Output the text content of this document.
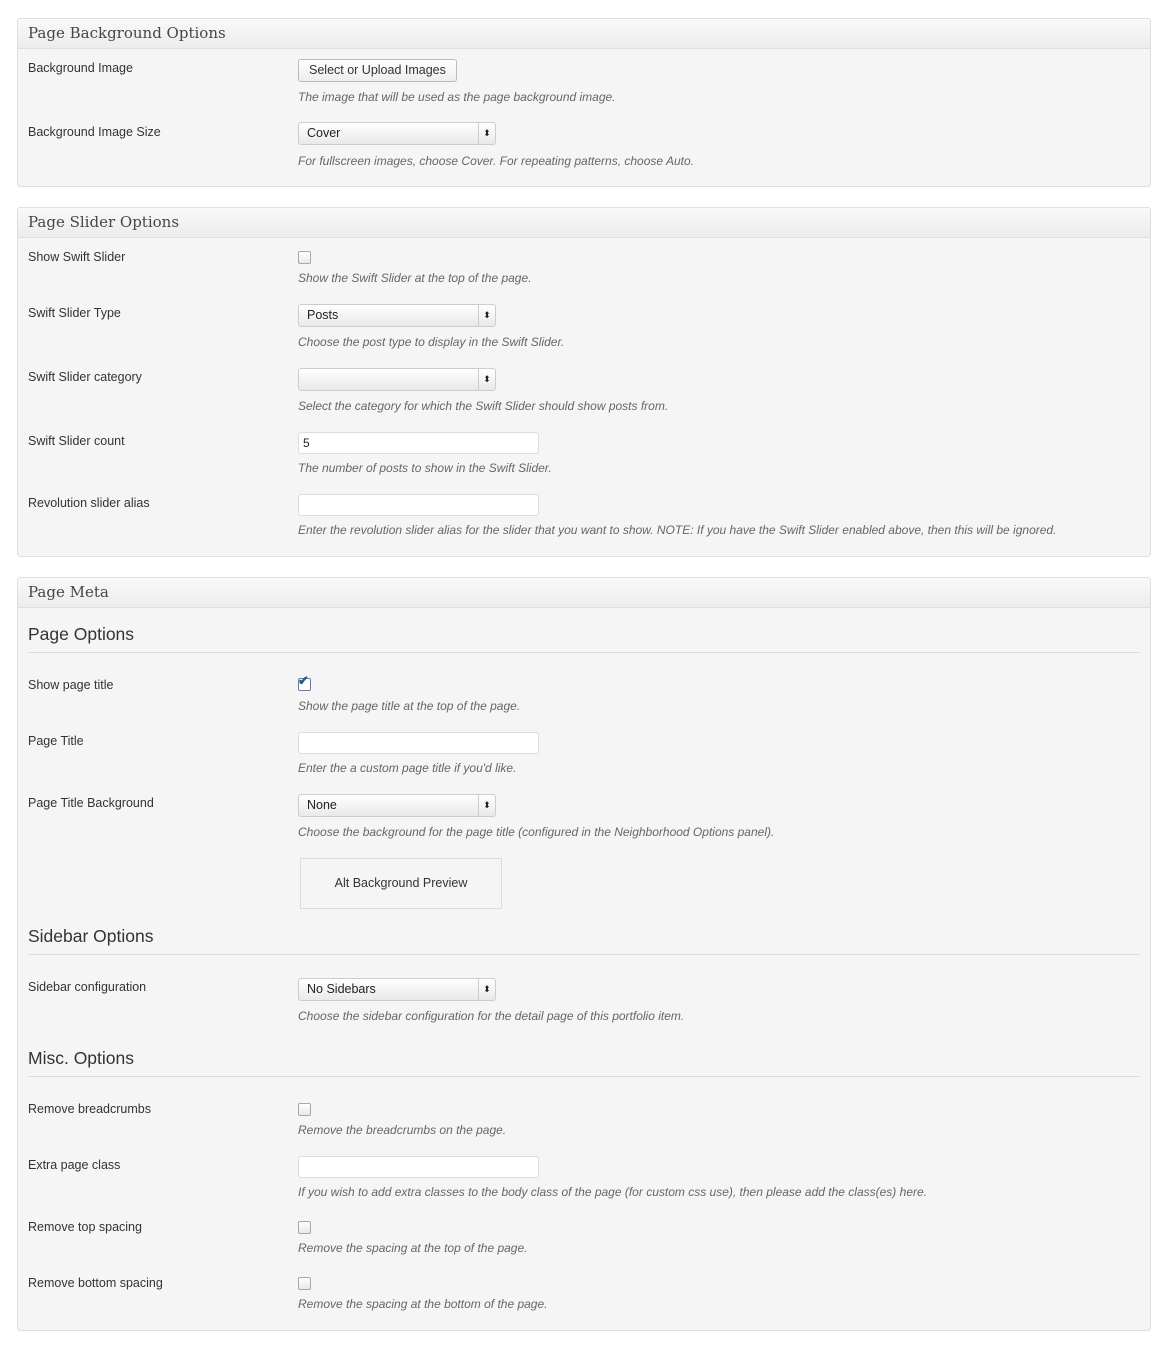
Page Background Options
Background Image	Select or Upload Images
The image that will be used as the page background image.
Background Image Size	Cover	⬍
For fullscreen images, choose Cover. For repeating patterns, choose Auto.
Page Slider Options
Show Swift Slider
Show the Swift Slider at the top of the page.
Swift Slider Type	Posts	⬍
Choose the post type to display in the Swift Slider.
Swift Slider category	⬍
Select the category for which the Swift Slider should show posts from.
Swift Slider count	5
The number of posts to show in the Swift Slider.
Revolution slider alias
Enter the revolution slider alias for the slider that you want to show. NOTE: If you have the Swift Slider enabled above, then this will be ignored.
Page Meta
Page Options
Show page title	✔
Show the page title at the top of the page.
Page Title
Enter the a custom page title if you'd like.
Page Title Background	None	⬍
Choose the background for the page title (configured in the Neighborhood Options panel).
Alt Background Preview
Sidebar Options
Sidebar configuration	No Sidebars	⬍
Choose the sidebar configuration for the detail page of this portfolio item.
Misc. Options
Remove breadcrumbs
Remove the breadcrumbs on the page.
Extra page class
If you wish to add extra classes to the body class of the page (for custom css use), then please add the class(es) here.
Remove top spacing
Remove the spacing at the top of the page.
Remove bottom spacing
Remove the spacing at the bottom of the page.
